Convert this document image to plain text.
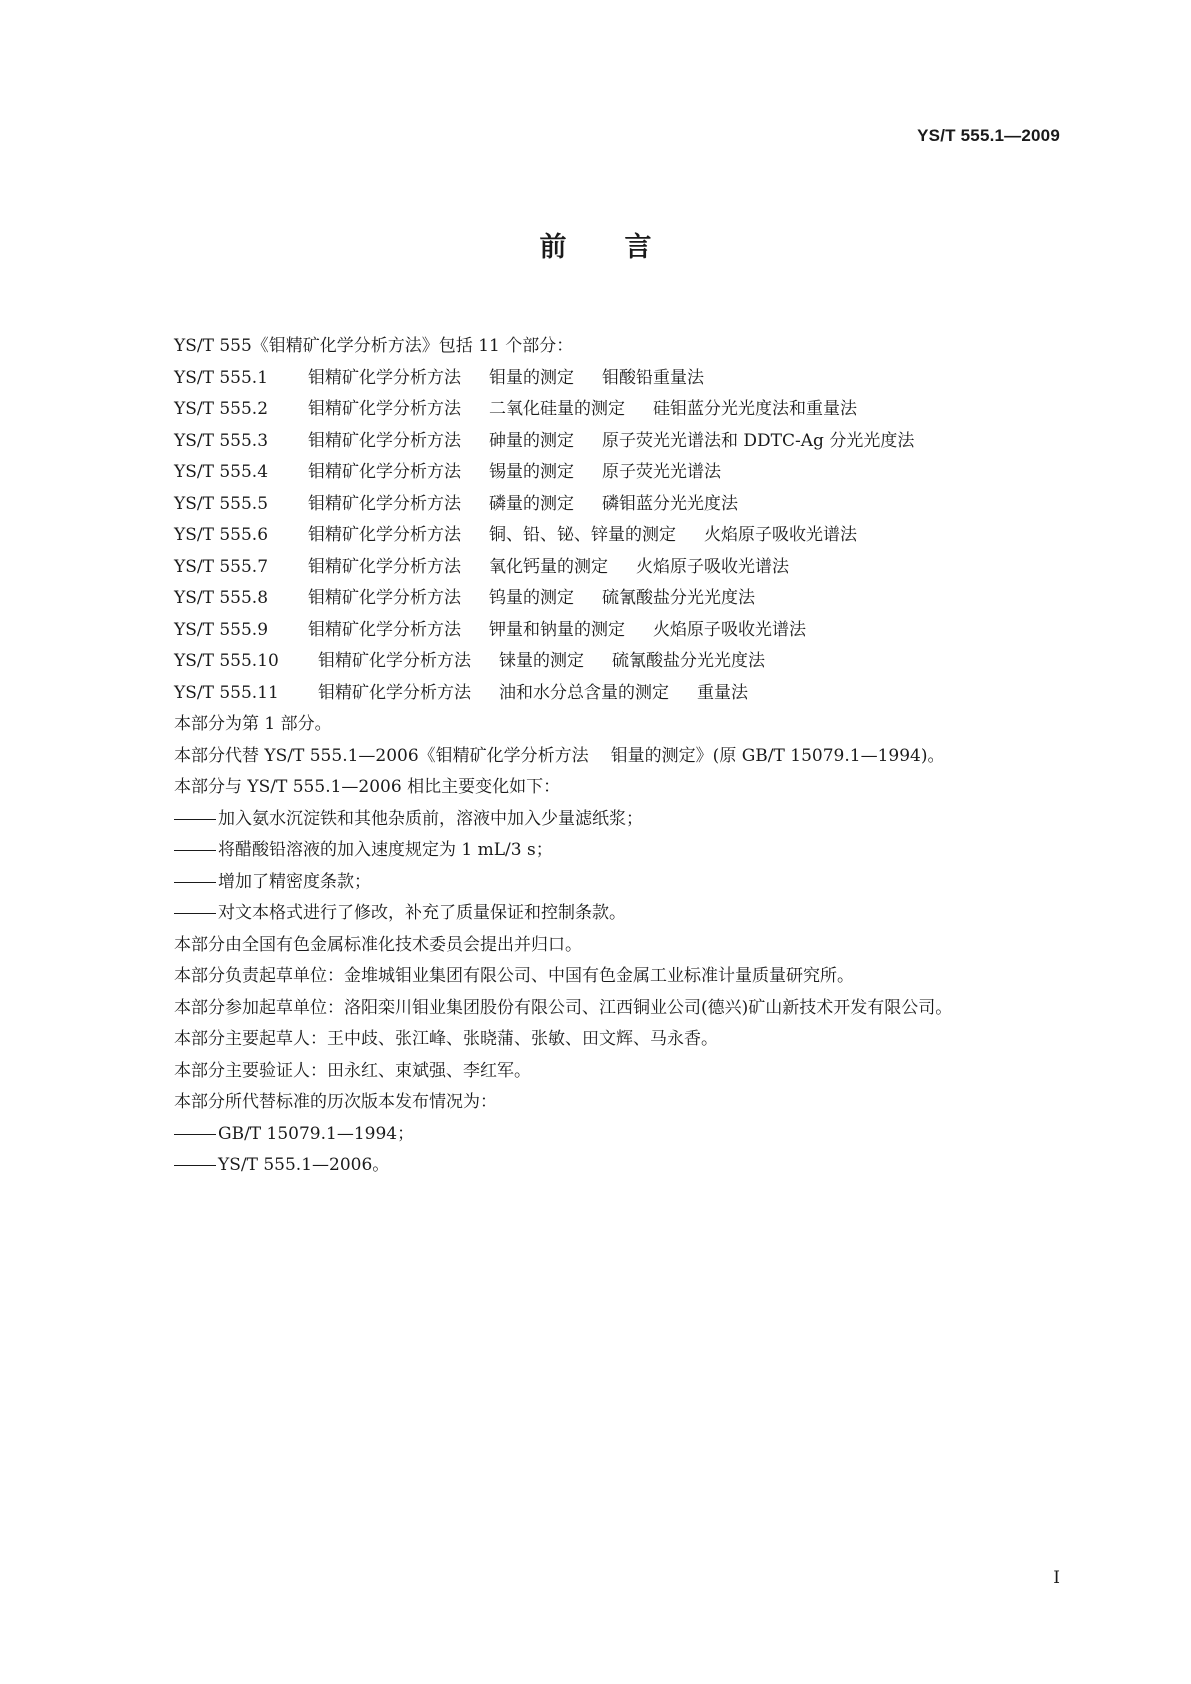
YS/T 555.1—2009
前 言
YS/T 555《钼精矿化学分析方法》包括 11 个部分：
YS/T 555.1 钼精矿化学分析方法 钼量的测定 钼酸铅重量法
YS/T 555.2 钼精矿化学分析方法 二氧化硅量的测定 硅钼蓝分光光度法和重量法
YS/T 555.3 钼精矿化学分析方法 砷量的测定 原子荧光光谱法和 DDTC-Ag 分光光度法
YS/T 555.4 钼精矿化学分析方法 锡量的测定 原子荧光光谱法
YS/T 555.5 钼精矿化学分析方法 磷量的测定 磷钼蓝分光光度法
YS/T 555.6 钼精矿化学分析方法 铜、铅、铋、锌量的测定 火焰原子吸收光谱法
YS/T 555.7 钼精矿化学分析方法 氧化钙量的测定 火焰原子吸收光谱法
YS/T 555.8 钼精矿化学分析方法 钨量的测定 硫氰酸盐分光光度法
YS/T 555.9 钼精矿化学分析方法 钾量和钠量的测定 火焰原子吸收光谱法
YS/T 555.10 钼精矿化学分析方法 铼量的测定 硫氰酸盐分光光度法
YS/T 555.11 钼精矿化学分析方法 油和水分总含量的测定 重量法
本部分为第 1 部分。
本部分代替 YS/T 555.1—2006《钼精矿化学分析方法 钼量的测定》(原 GB/T 15079.1—1994)。
本部分与 YS/T 555.1—2006 相比主要变化如下：
加入氨水沉淀铁和其他杂质前，溶液中加入少量滤纸浆；
将醋酸铅溶液的加入速度规定为 1 mL/3 s；
增加了精密度条款；
对文本格式进行了修改，补充了质量保证和控制条款。
本部分由全国有色金属标准化技术委员会提出并归口。
本部分负责起草单位：金堆城钼业集团有限公司、中国有色金属工业标准计量质量研究所。
本部分参加起草单位：洛阳栾川钼业集团股份有限公司、江西铜业公司(德兴)矿山新技术开发有限公司。
本部分主要起草人：王中歧、张江峰、张晓蒲、张敏、田文辉、马永香。
本部分主要验证人：田永红、束斌强、李红军。
本部分所代替标准的历次版本发布情况为：
GB/T 15079.1—1994；
YS/T 555.1—2006。
I
